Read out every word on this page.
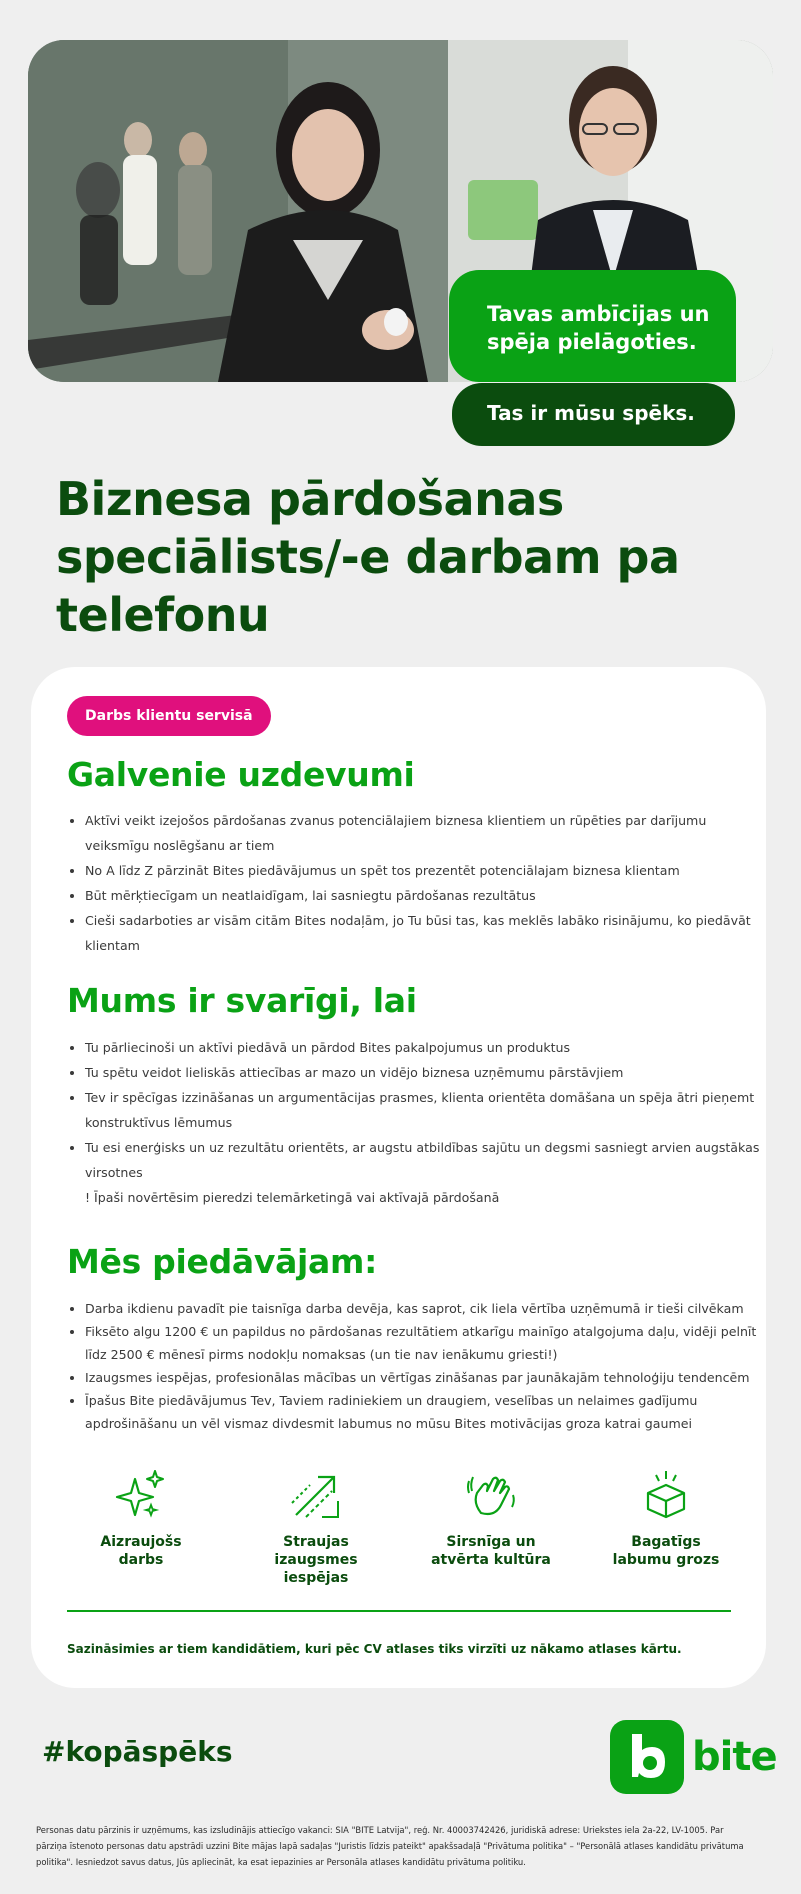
Tavas ambīcijas un spēja pielāgoties.
Tas ir mūsu spēks.
Biznesa pārdošanas speciālists/-e darbam pa telefonu
Darbs klientu servisā
Galvenie uzdevumi
• Aktīvi veikt izejošos pārdošanas zvanus potenciālajiem biznesa klientiem un rūpēties par darījumu veiksmīgu noslēgšanu ar tiem
• No A līdz Z pārzināt Bites piedāvājumus un spēt tos prezentēt potenciālajam biznesa klientam
• Būt mērķtiecīgam un neatlaidīgam, lai sasniegtu pārdošanas rezultātus
• Cieši sadarboties ar visām citām Bites nodaļām, jo Tu būsi tas, kas meklēs labāko risinājumu, ko piedāvāt klientam
Mums ir svarīgi, lai
• Tu pārliecinoši un aktīvi piedāvā un pārdod Bites pakalpojumus un produktus
• Tu spētu veidot lieliskās attiecības ar mazo un vidējo biznesa uzņēmumu pārstāvjiem
• Tev ir spēcīgas izzināšanas un argumentācijas prasmes, klienta orientēta domāšana un spēja ātri pieņemt konstruktīvus lēmumus
• Tu esi enerģisks un uz rezultātu orientēts, ar augstu atbildības sajūtu un degsmi sasniegt arvien augstākas virsotnes
! Īpaši novērtēsim pieredzi telemārketingā vai aktīvajā pārdošanā
Mēs piedāvājam:
• Darba ikdienu pavadīt pie taisnīga darba devēja, kas saprot, cik liela vērtība uzņēmumā ir tieši cilvēkam
• Fiksēto algu 1200 € un papildus no pārdošanas rezultātiem atkarīgu mainīgo atalgojuma daļu, vidēji pelnīt līdz 2500 € mēnesī pirms nodokļu nomaksas (un tie nav ienākumu griesti!)
• Izaugsmes iespējas, profesionālas mācības un vērtīgas zināšanas par jaunākajām tehnoloģiju tendencēm
• Īpašus Bite piedāvājumus Tev, Taviem radiniekiem un draugiem, veselības un nelaimes gadījumu apdrošināšanu un vēl vismaz divdesmit labumus no mūsu Bites motivācijas groza katrai gaumei
Aizraujošs
darbs
Straujas
izaugsmes iespējas
Sirsnīga un
atvērta kultūra
Bagatīgs
labumu grozs
Sazināsimies ar tiem kandidātiem, kuri pēc CV atlases tiks virzīti uz nākamo atlases kārtu.
#kopāspēks	bite
Personas datu pārzinis ir uzņēmums, kas izsludinājis attiecīgo vakanci: SIA "BITE Latvija", reģ. Nr. 40003742426, juridiskā adrese: Uriekstes iela 2a-22, LV-1005. Par pārziņa īstenoto personas datu apstrādi uzzini Bite mājas lapā sadaļas "Juristis līdzis pateikt" apakšsadaļā "Privātuma politika" – "Personālā atlases kandidātu privātuma politika". Iesniedzot savus datus, Jūs apliecināt, ka esat iepazinies ar Personāla atlases kandidātu privātuma politiku.
